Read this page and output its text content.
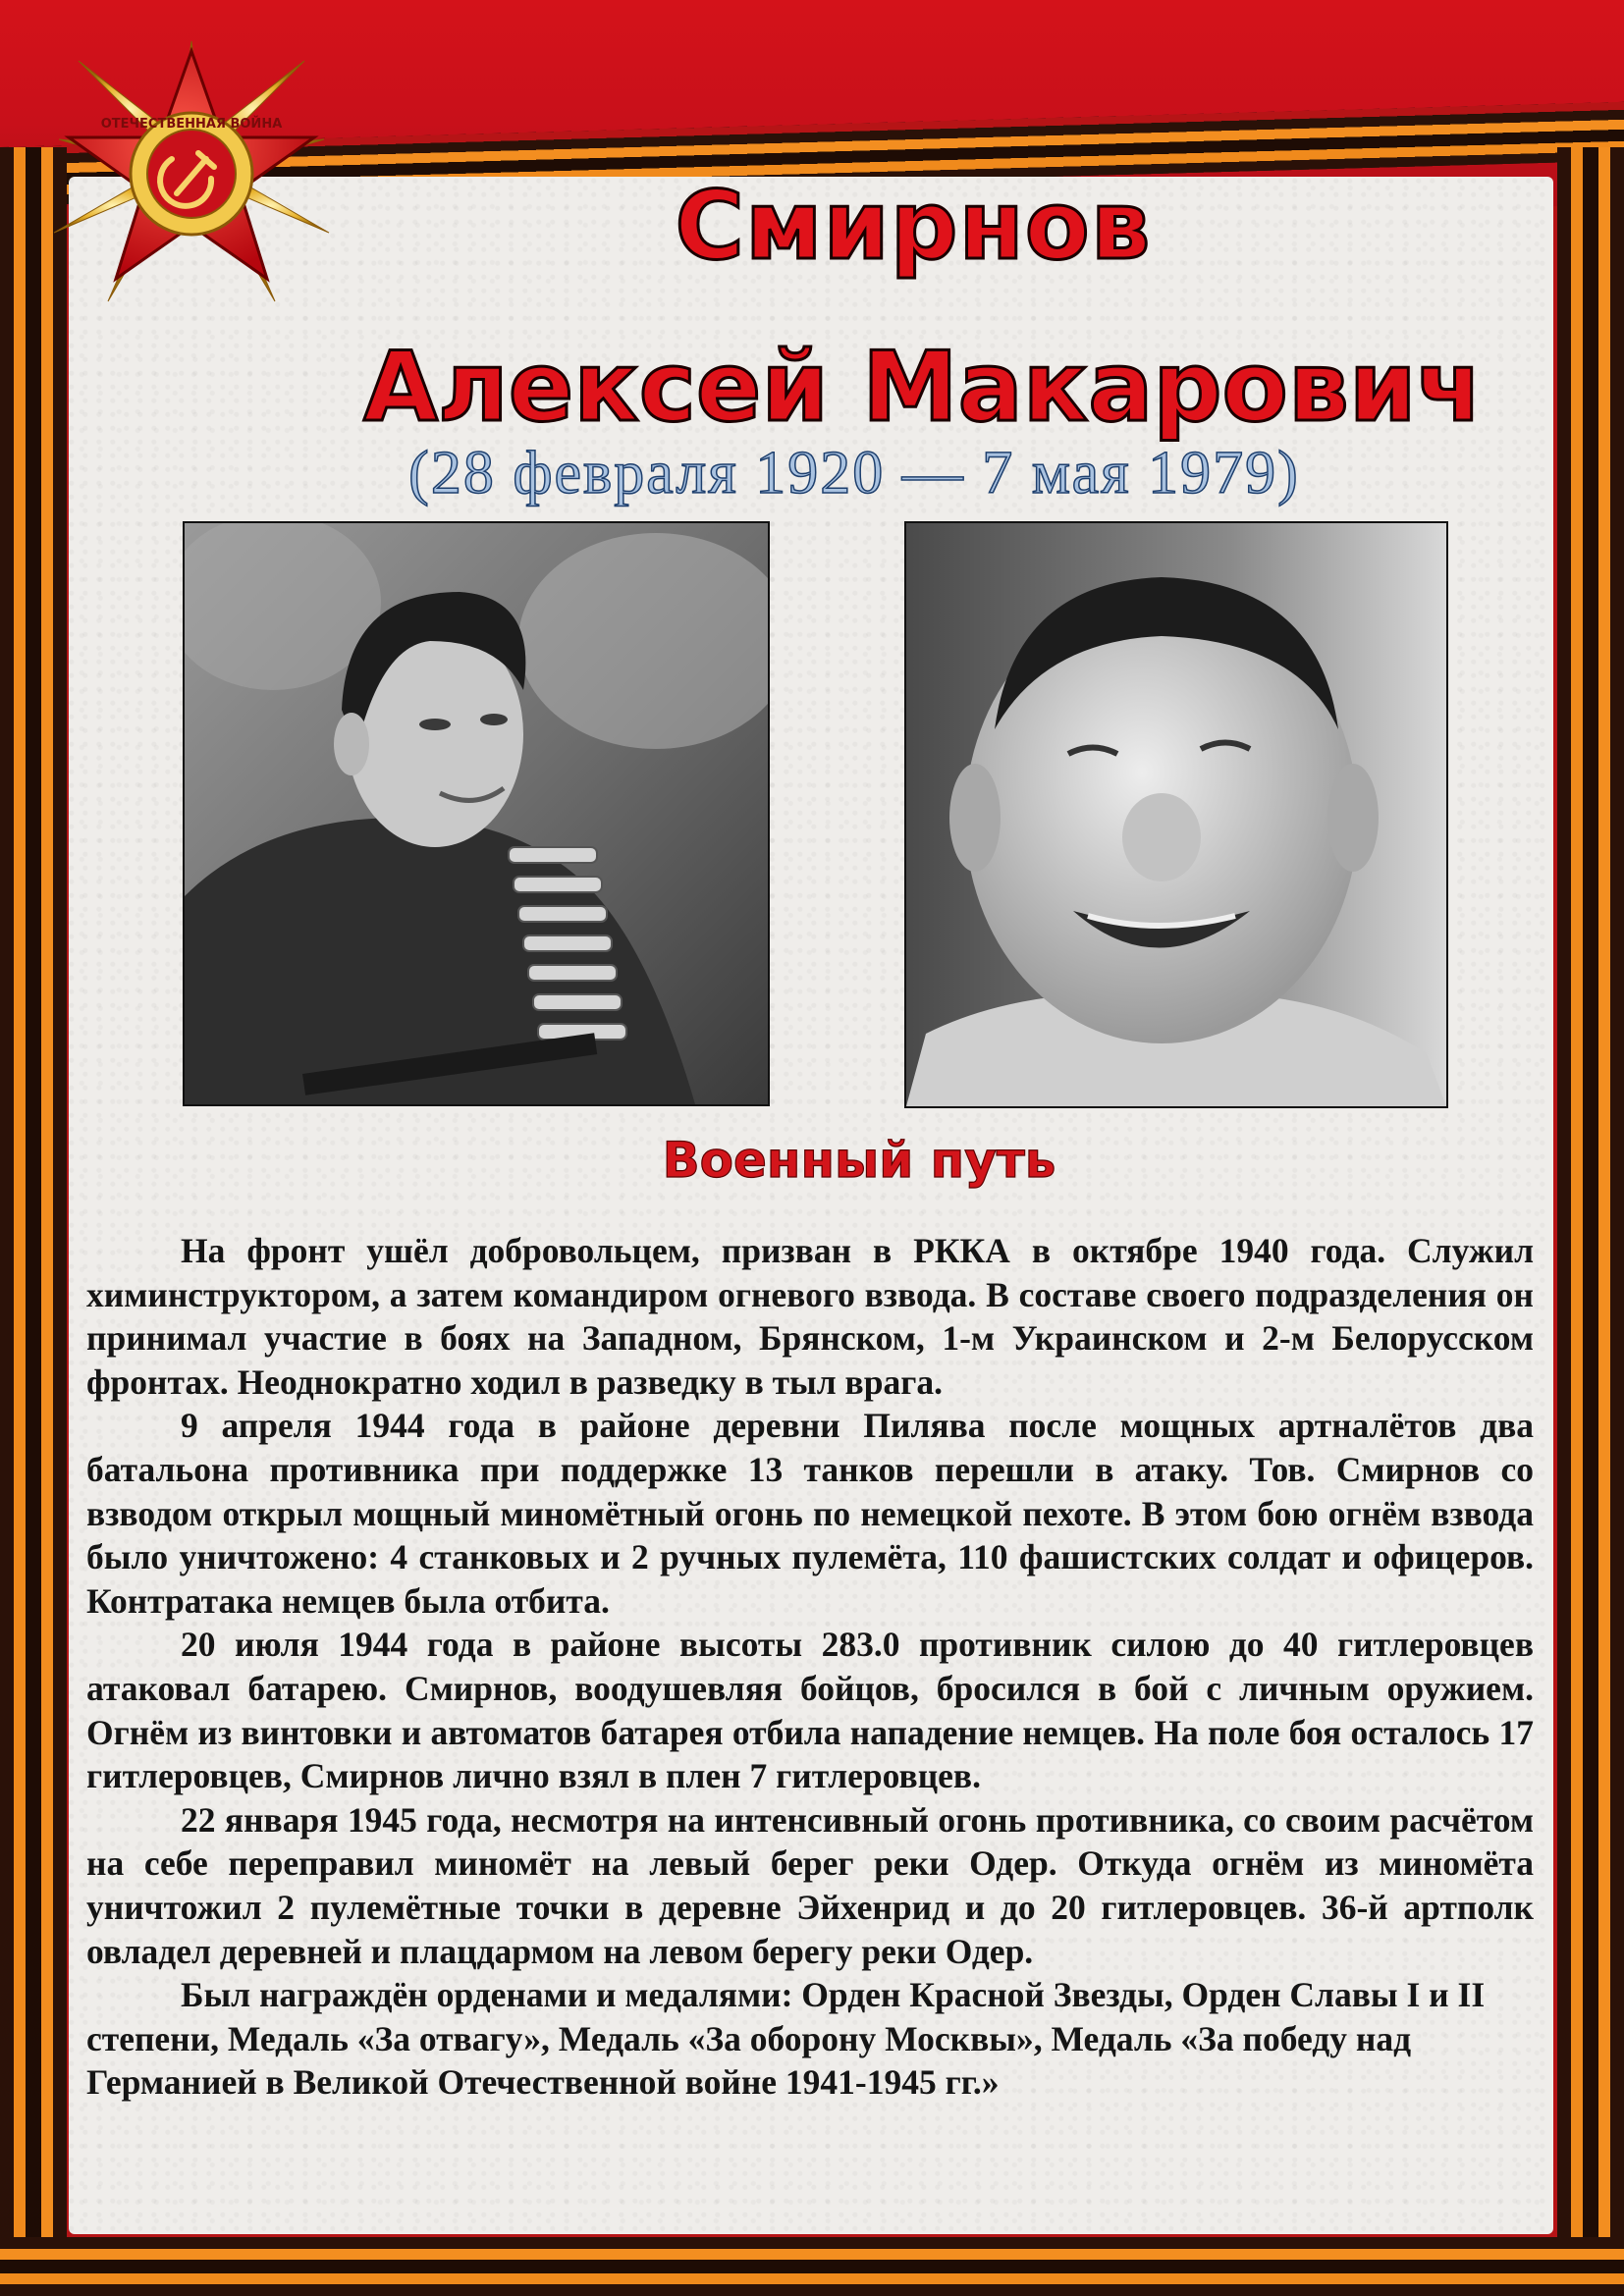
ОТЕЧЕСТВЕННАЯ ВОЙНА
Смирнов
Алексей Макарович
(28 февраля 1920 — 7 мая 1979)
Военный путь

На фронт ушёл добровольцем, призван в РККА в октябре 1940 года. Служил химинструктором, а затем командиром огневого взвода. В составе своего подразделения он принимал участие в боях на Западном, Брянском, 1-м Украинском и 2-м Белорусском фронтах. Неоднократно ходил в разведку в тыл врага.

9 апреля 1944 года в районе деревни Пилява после мощных артналётов два батальона противника при поддержке 13 танков перешли в атаку. Тов. Смирнов со взводом открыл мощный миномётный огонь по немецкой пехоте. В этом бою огнём взвода было уничтожено: 4 станковых и 2 ручных пулемёта, 110 фашистских солдат и офицеров. Контратака немцев была отбита.

20 июля 1944 года в районе высоты 283.0 противник силою до 40 гитлеровцев атаковал батарею. Смирнов, воодушевляя бойцов, бросился в бой с личным оружием. Огнём из винтовки и автоматов батарея отбила нападение немцев. На поле боя осталось 17 гитлеровцев, Смирнов лично взял в плен 7 гитлеровцев.

22 января 1945 года, несмотря на интенсивный огонь противника, со своим расчётом на себе переправил миномёт на левый берег реки Одер. Откуда огнём из миномёта уничтожил 2 пулемётные точки в деревне Эйхенрид и до 20 гитлеровцев. 36-й артполк овладел деревней и плацдармом на левом берегу реки Одер.

Был награждён орденами и медалями: Орден Красной Звезды, Орден Славы I и II степени, Медаль «За отвагу», Медаль «За оборону Москвы», Медаль «За победу над Германией в Великой Отечественной войне 1941-1945 гг.»
